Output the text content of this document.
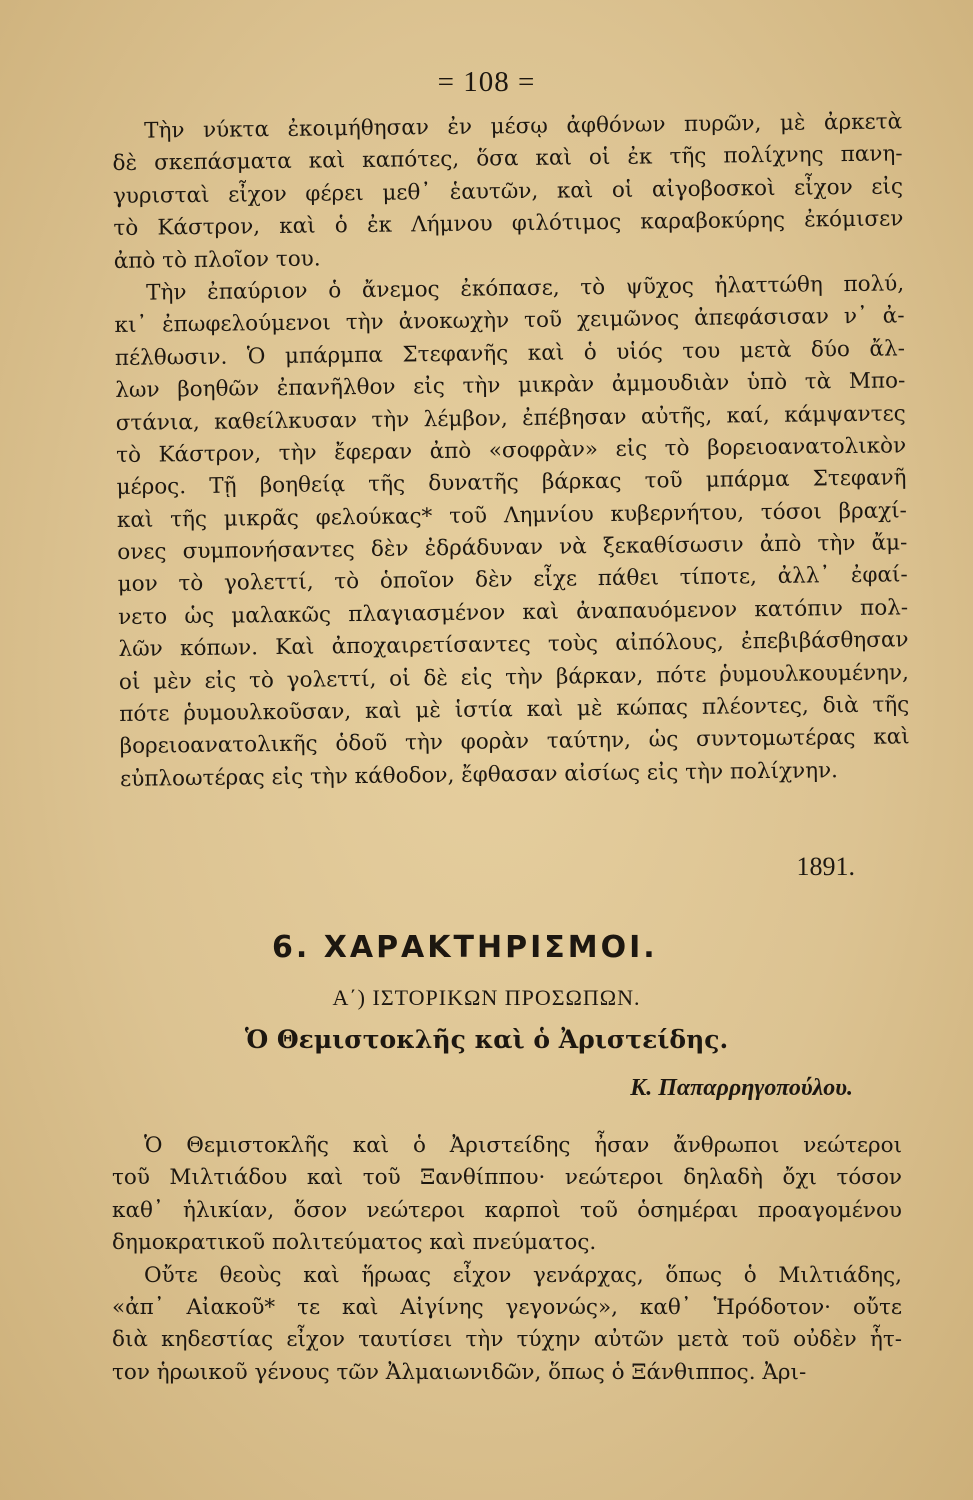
= 108 =
Τὴν νύκτα ἐκοιμήθησαν ἐν μέσῳ ἀφθόνων πυρῶν, μὲ ἀρκετὰ
δὲ σκεπάσματα καὶ καπότες, ὅσα καὶ οἱ ἐκ τῆς πολίχνης πανη-
γυρισταὶ εἶχον φέρει μεθ᾽ ἑαυτῶν, καὶ οἱ αἰγοβοσκοὶ εἶχον εἰς
τὸ Κάστρον, καὶ ὁ ἐκ Λήμνου φιλότιμος καραβοκύρης ἐκόμισεν
ἀπὸ τὸ πλοῖον του.
Τὴν ἐπαύριον ὁ ἄνεμος ἐκόπασε, τὸ ψῦχος ἠλαττώθη πολύ,
κι᾽ ἐπωφελούμενοι τὴν ἀνοκωχὴν τοῦ χειμῶνος ἀπεφάσισαν ν᾽ ἀ-
πέλθωσιν. Ὁ μπάρμπα Στεφανῆς καὶ ὁ υἱός του μετὰ δύο ἄλ-
λων βοηθῶν ἐπανῆλθον εἰς τὴν μικρὰν ἀμμουδιὰν ὑπὸ τὰ Μπο-
στάνια, καθείλκυσαν τὴν λέμβον, ἐπέβησαν αὐτῆς, καί, κάμψαντες
τὸ Κάστρον, τὴν ἔφεραν ἀπὸ «σοφρὰν» εἰς τὸ βορειοανατολικὸν
μέρος. Τῇ βοηθείᾳ τῆς δυνατῆς βάρκας τοῦ μπάρμα Στεφανῆ
καὶ τῆς μικρᾶς φελούκας* τοῦ Λημνίου κυβερνήτου, τόσοι βραχί-
ονες συμπονήσαντες δὲν ἐδράδυναν νὰ ξεκαθίσωσιν ἀπὸ τὴν ἄμ-
μον τὸ γολεττί, τὸ ὁποῖον δὲν εἶχε πάθει τίποτε, ἀλλ᾽ ἐφαί-
νετο ὡς μαλακῶς πλαγιασμένον καὶ ἀναπαυόμενον κατόπιν πολ-
λῶν κόπων. Καὶ ἀποχαιρετίσαντες τοὺς αἰπόλους, ἐπεβιβάσθησαν
οἱ μὲν εἰς τὸ γολεττί, οἱ δὲ εἰς τὴν βάρκαν, πότε ῥυμουλκουμένην,
πότε ῥυμουλκοῦσαν, καὶ μὲ ἱστία καὶ μὲ κώπας πλέοντες, διὰ τῆς
βορειοανατολικῆς ὁδοῦ τὴν φορὰν ταύτην, ὡς συντομωτέρας καὶ
εὐπλοωτέρας εἰς τὴν κάθοδον, ἔφθασαν αἰσίως εἰς τὴν πολίχνην.
1891.
6. ΧΑΡΑΚΤΗΡΙΣΜΟΙ.
Α΄) ΙΣΤΟΡΙΚΩΝ ΠΡΟΣΩΠΩΝ.
Ὁ Θεμιστοκλῆς καὶ ὁ Ἀριστείδης.
Κ. Παπαρρηγοπούλου.
Ὁ Θεμιστοκλῆς καὶ ὁ Ἀριστείδης ἦσαν ἄνθρωποι νεώτεροι
τοῦ Μιλτιάδου καὶ τοῦ Ξανθίππου· νεώτεροι δηλαδὴ ὄχι τόσον
καθ᾽ ἡλικίαν, ὅσον νεώτεροι καρποὶ τοῦ ὁσημέραι προαγομένου
δημοκρατικοῦ πολιτεύματος καὶ πνεύματος.
Οὔτε θεοὺς καὶ ἥρωας εἶχον γενάρχας, ὅπως ὁ Μιλτιάδης,
«ἀπ᾽ Αἰακοῦ* τε καὶ Αἰγίνης γεγονώς», καθ᾽ Ἡρόδοτον· οὔτε
διὰ κηδεστίας εἶχον ταυτίσει τὴν τύχην αὐτῶν μετὰ τοῦ οὐδὲν ἧτ-
τον ἡρωικοῦ γένους τῶν Ἀλμαιωνιδῶν, ὅπως ὁ Ξάνθιππος. Ἀρι-
